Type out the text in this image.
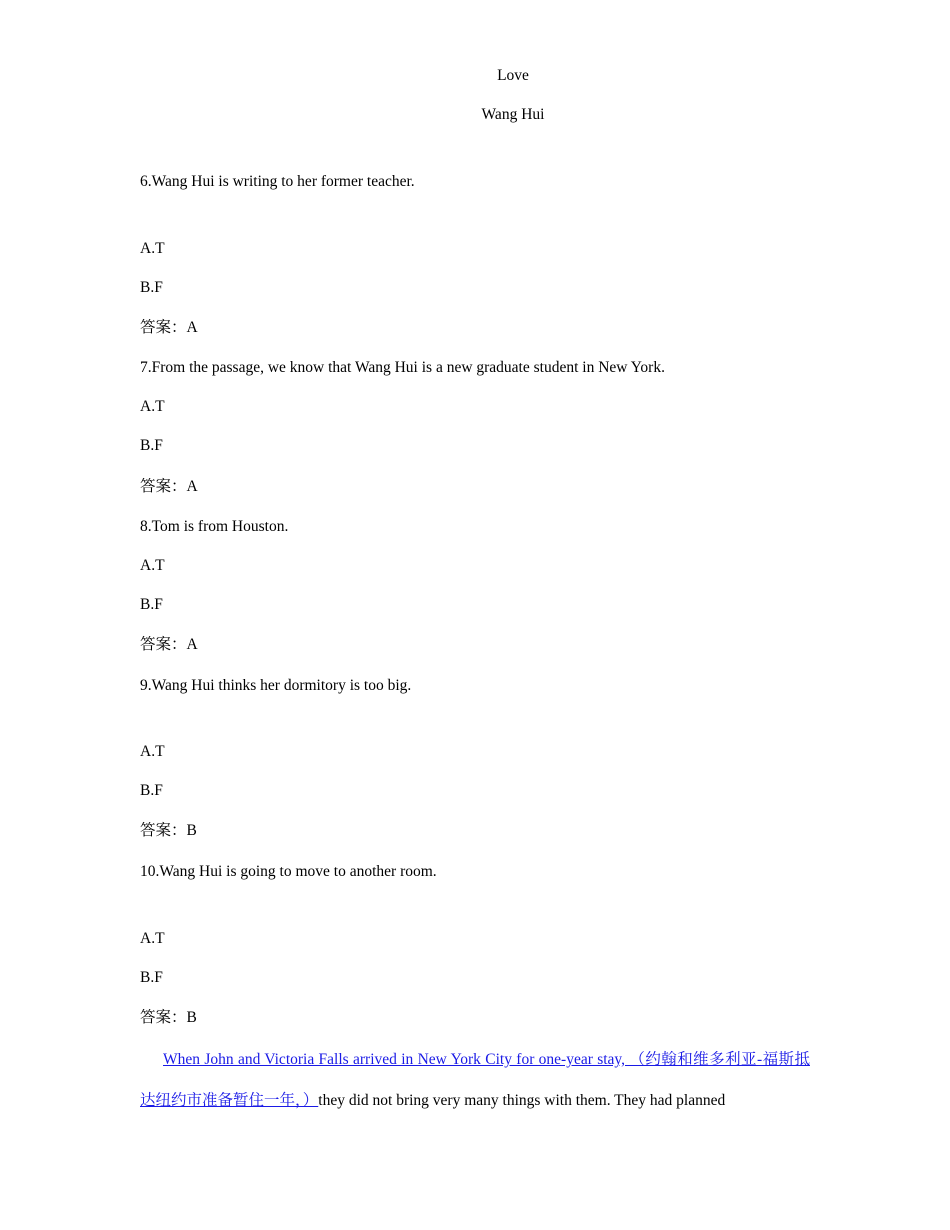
Love
Wang Hui
6.Wang Hui is writing to her former teacher.
A.T
B.F
答案：A
7.From the passage, we know that Wang Hui is a new graduate student in New York.
A.T
B.F
答案：A
8.Tom is from Houston.
A.T
B.F
答案：A
9.Wang Hui thinks her dormitory is too big.
A.T
B.F
答案：B
10.Wang Hui is going to move to another room.
A.T
B.F
答案：B
When John and Victoria Falls arrived in New York City for one-year stay, （约翰和维多利亚-福斯抵达纽约市准备暂住一年，）they did not bring very many things with them. They had planned
